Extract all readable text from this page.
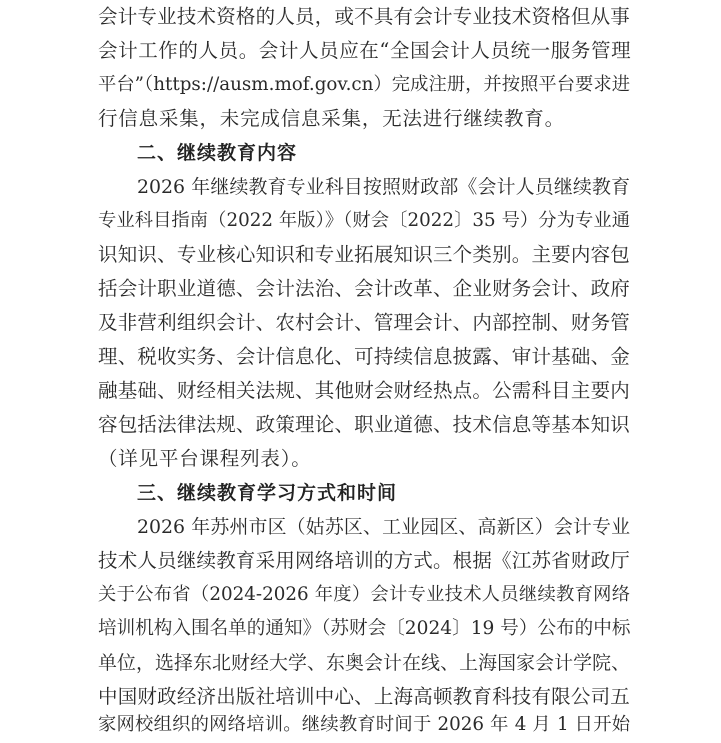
会计专业技术资格的人员，或不具有会计专业技术资格但从事
会计工作的人员。会计人员应在“全国会计人员统一服务管理
平台”（https://ausm.mof.gov.cn）完成注册，并按照平台要求进
行信息采集，未完成信息采集，无法进行继续教育。
二、继续教育内容
2026 年继续教育专业科目按照财政部《会计人员继续教育
专业科目指南（2022 年版）》（财会〔2022〕35 号）分为专业通
识知识、专业核心知识和专业拓展知识三个类别。主要内容包
括会计职业道德、会计法治、会计改革、企业财务会计、政府
及非营利组织会计、农村会计、管理会计、内部控制、财务管
理、税收实务、会计信息化、可持续信息披露、审计基础、金
融基础、财经相关法规、其他财会财经热点。公需科目主要内
容包括法律法规、政策理论、职业道德、技术信息等基本知识
（详见平台课程列表）。
三、继续教育学习方式和时间
2026 年苏州市区（姑苏区、工业园区、高新区）会计专业
技术人员继续教育采用网络培训的方式。根据《江苏省财政厅
关于公布省（2024-2026 年度）会计专业技术人员继续教育网络
培训机构入围名单的通知》（苏财会〔2024〕19 号）公布的中标
单位，选择东北财经大学、东奥会计在线、上海国家会计学院、
中国财政经济出版社培训中心、上海高顿教育科技有限公司五
家网校组织的网络培训。继续教育时间于 2026 年 4 月 1 日开始
